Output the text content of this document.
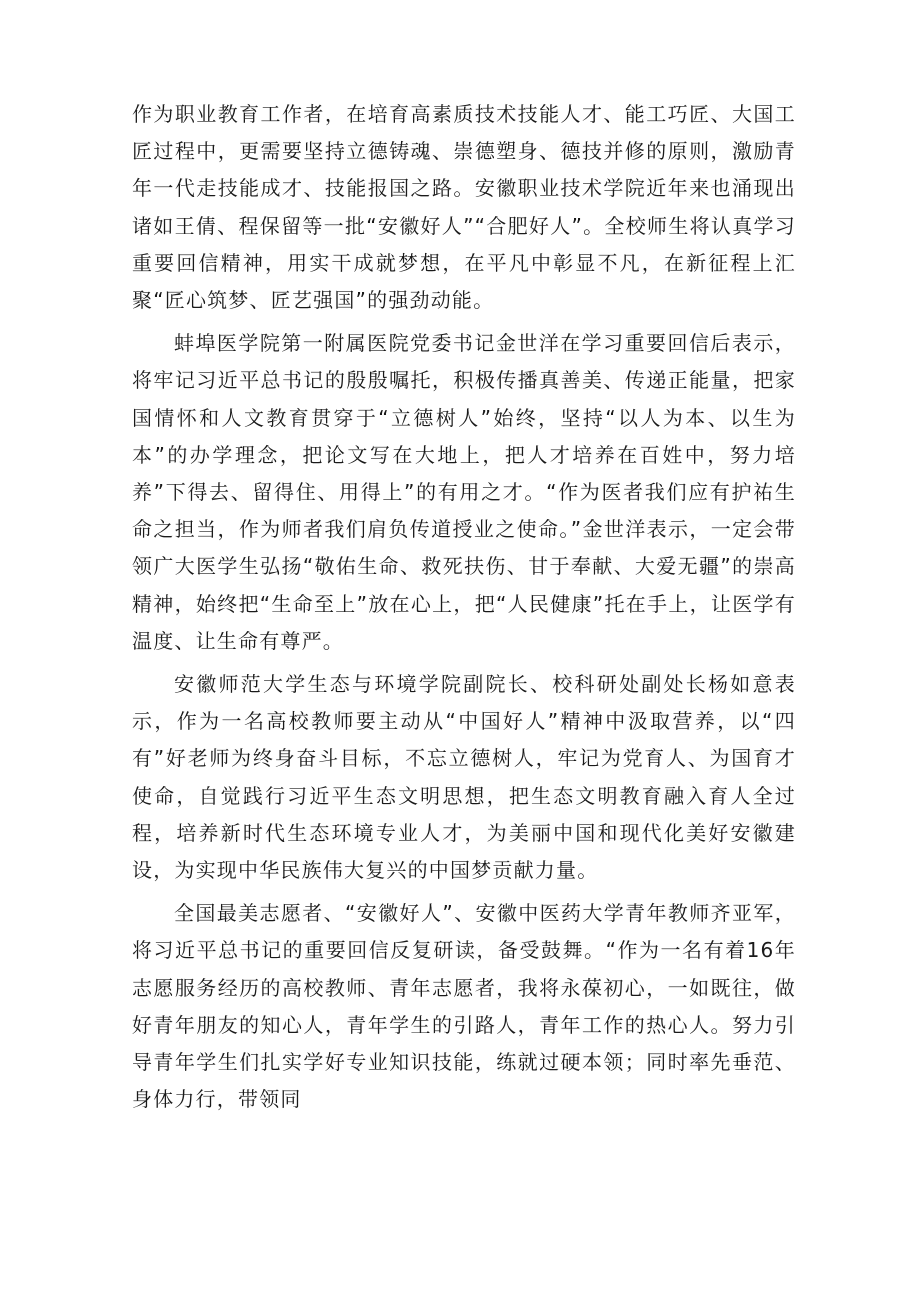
作为职业教育工作者，在培育高素质技术技能人才、能工巧匠、大国工匠过程中，更需要坚持立德铸魂、崇德塑身、德技并修的原则，激励青年一代走技能成才、技能报国之路。安徽职业技术学院近年来也涌现出诸如王倩、程保留等一批“安徽好人”“合肥好人”。全校师生将认真学习重要回信精神，用实干成就梦想，在平凡中彰显不凡，在新征程上汇聚“匠心筑梦、匠艺强国”的强劲动能。

蚌埠医学院第一附属医院党委书记金世洋在学习重要回信后表示，将牢记习近平总书记的殷殷嘱托，积极传播真善美、传递正能量，把家国情怀和人文教育贯穿于“立德树人”始终，坚持“以人为本、以生为本”的办学理念，把论文写在大地上，把人才培养在百姓中，努力培养”下得去、留得住、用得上”的有用之才。“作为医者我们应有护祐生命之担当，作为师者我们肩负传道授业之使命。”金世洋表示，一定会带领广大医学生弘扬“敬佑生命、救死扶伤、甘于奉献、大爱无疆”的崇高精神，始终把“生命至上”放在心上，把“人民健康”托在手上，让医学有温度、让生命有尊严。

安徽师范大学生态与环境学院副院长、校科研处副处长杨如意表示，作为一名高校教师要主动从“中国好人”精神中汲取营养，以“四有”好老师为终身奋斗目标，不忘立德树人，牢记为党育人、为国育才使命，自觉践行习近平生态文明思想，把生态文明教育融入育人全过程，培养新时代生态环境专业人才，为美丽中国和现代化美好安徽建设，为实现中华民族伟大复兴的中国梦贡献力量。

全国最美志愿者、“安徽好人”、安徽中医药大学青年教师齐亚军，将习近平总书记的重要回信反复研读，备受鼓舞。“作为一名有着16年志愿服务经历的高校教师、青年志愿者，我将永葆初心，一如既往，做好青年朋友的知心人，青年学生的引路人，青年工作的热心人。努力引导青年学生们扎实学好专业知识技能，练就过硬本领；同时率先垂范、身体力行，带领同
